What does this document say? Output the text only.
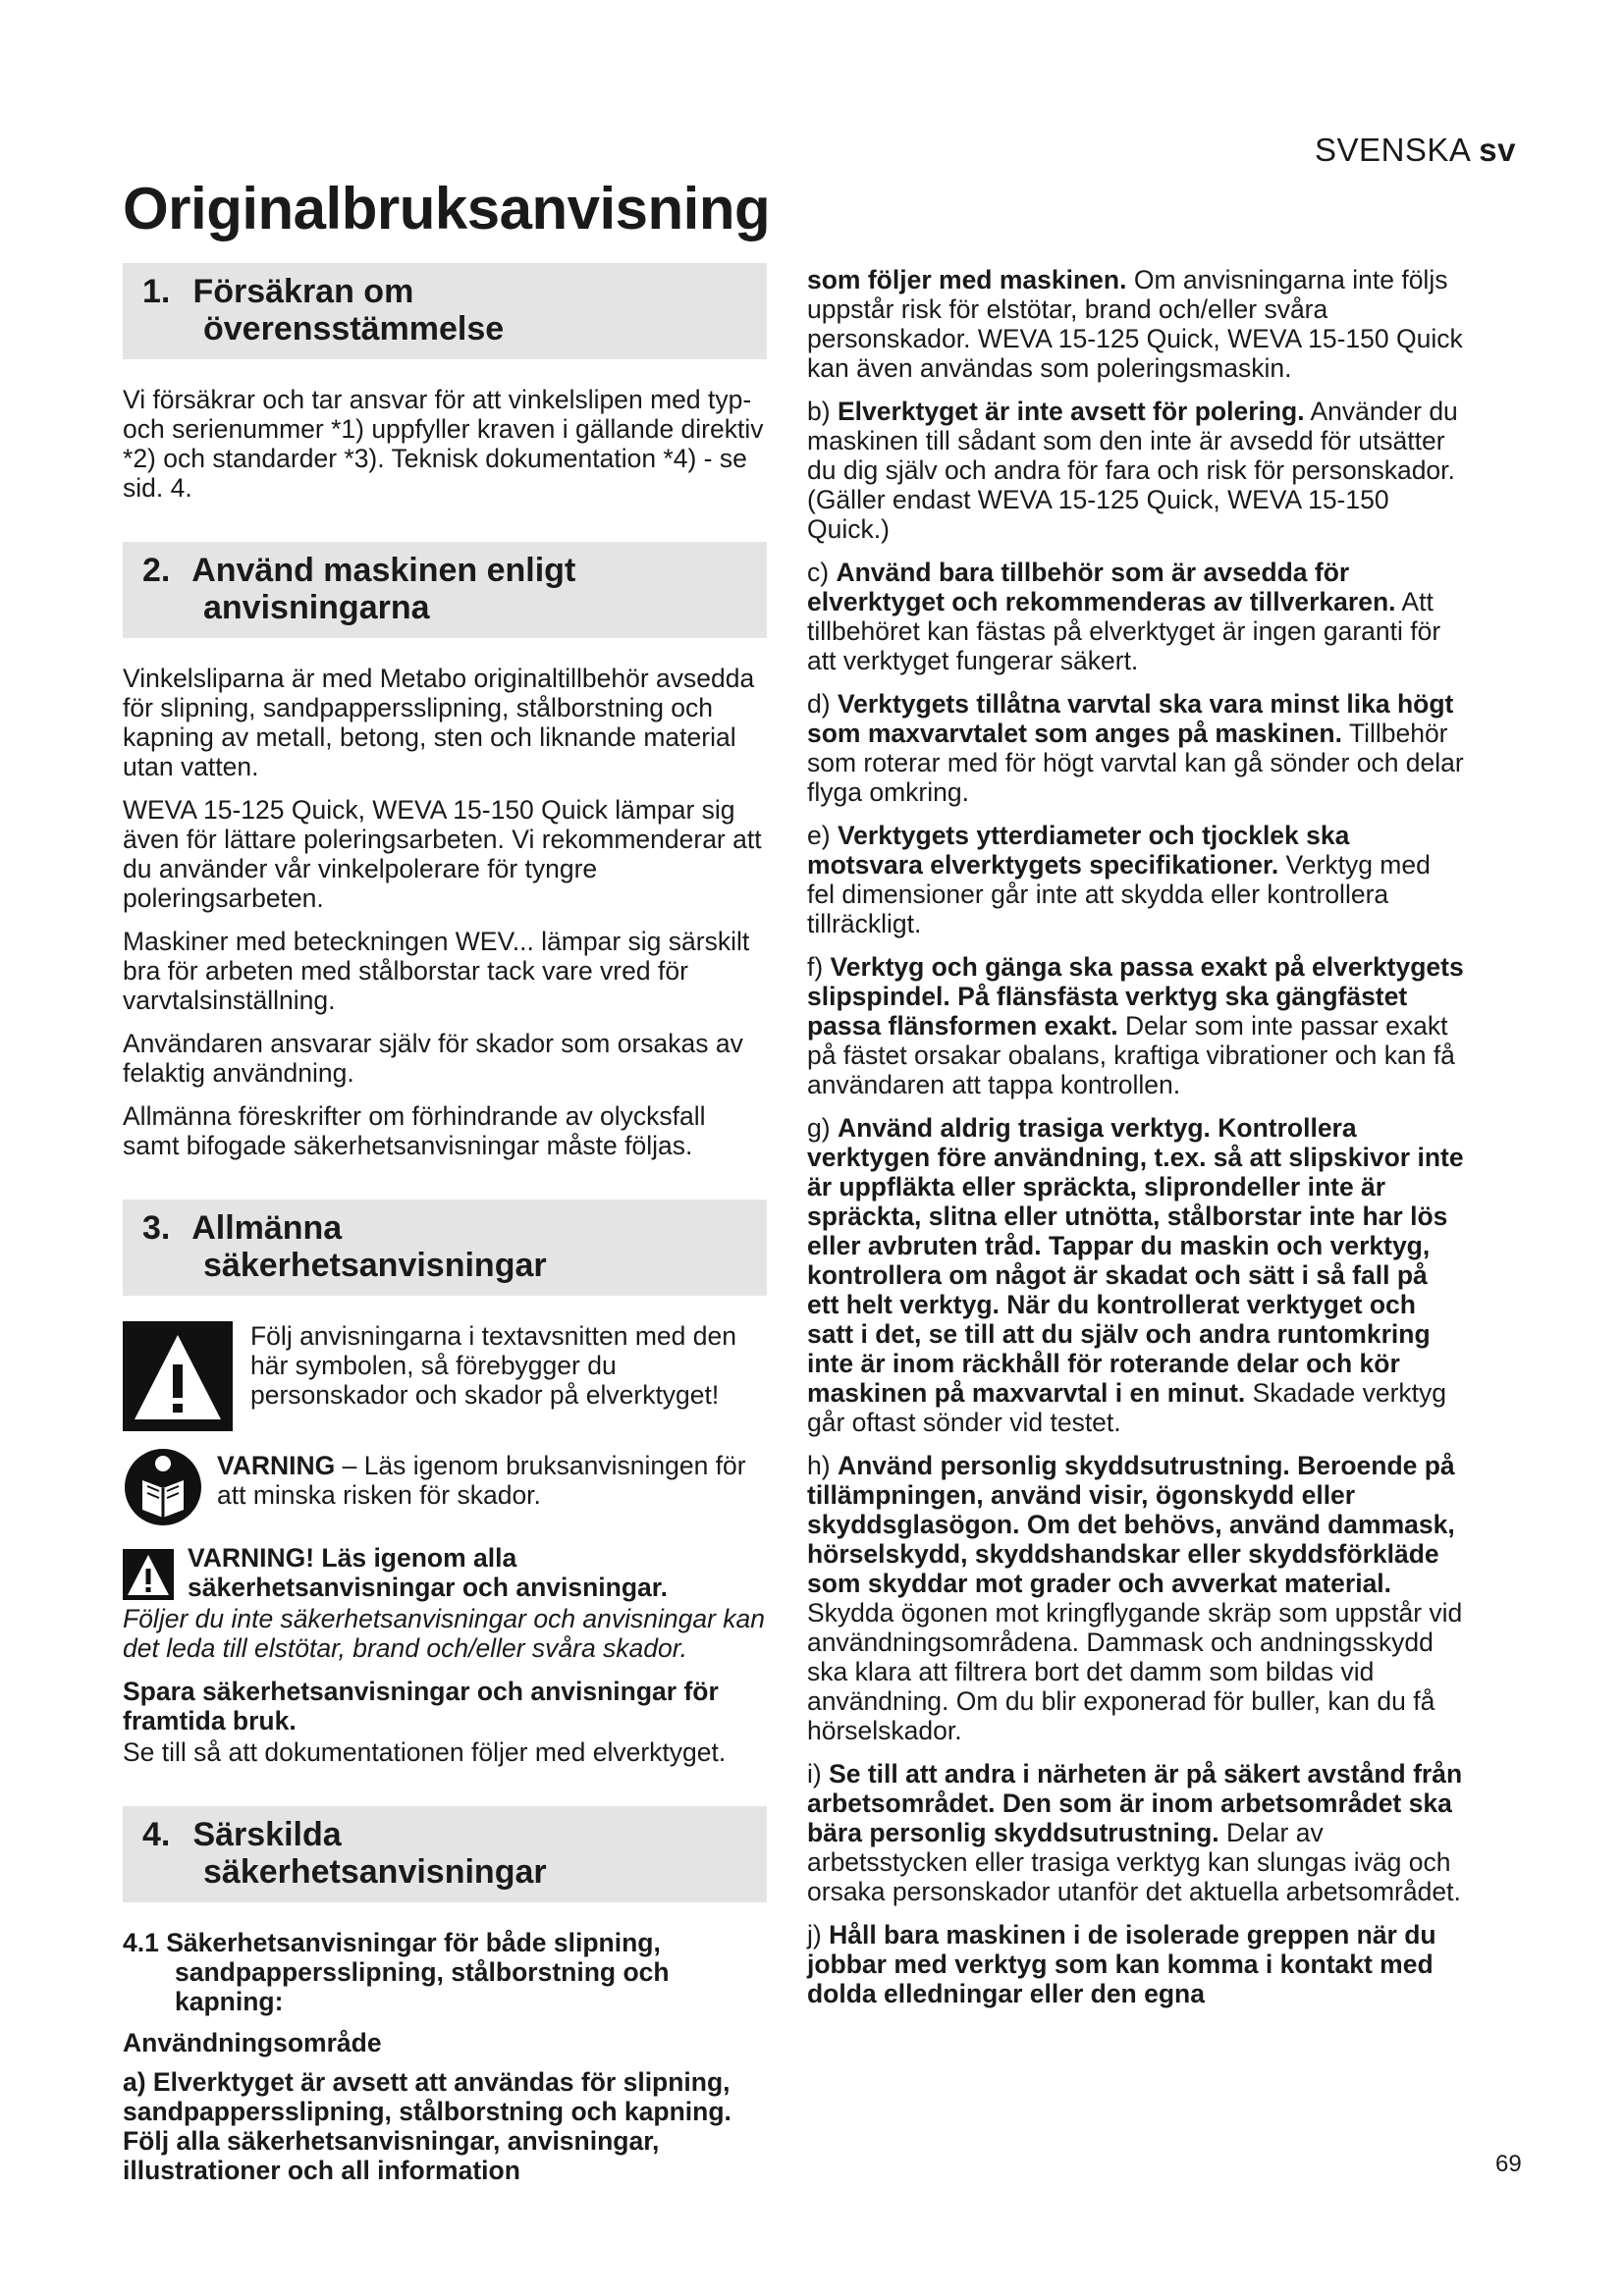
SVENSKA sv
Originalbruksanvisning
1. Försäkran om
överensstämmelse

Vi försäkrar och tar ansvar för att vinkelslipen med typ- och serienummer *1) uppfyller kraven i gällande direktiv *2) och standarder *3). Teknisk dokumentation *4) - se sid. 4.

2. Använd maskinen enligt
anvisningarna

Vinkelsliparna är med Metabo originaltillbehör avsedda för slipning, sandpappersslipning, stålborstning och kapning av metall, betong, sten och liknande material utan vatten.

WEVA 15-125 Quick, WEVA 15-150 Quick lämpar sig även för lättare poleringsarbeten. Vi rekommenderar att du använder vår vinkelpolerare för tyngre poleringsarbeten.

Maskiner med beteckningen WEV... lämpar sig särskilt bra för arbeten med stålborstar tack vare vred för varvtalsinställning.

Användaren ansvarar själv för skador som orsakas av felaktig användning.

Allmänna föreskrifter om förhindrande av olycksfall samt bifogade säkerhetsanvisningar måste följas.

3. Allmänna
säkerhetsanvisningar
Följ anvisningarna i textavsnitten med den här symbolen, så förebygger du personskador och skador på elverktyget!
VARNING – Läs igenom bruksanvisningen för att minska risken för skador.
VARNING! Läs igenom alla säkerhetsanvisningar och anvisningar.

Följer du inte säkerhetsanvisningar och anvisningar kan det leda till elstötar, brand och/eller svåra skador.

Spara säkerhetsanvisningar och anvisningar för framtida bruk.

Se till så att dokumentationen följer med elverktyget.

4. Särskilda
säkerhetsanvisningar
4.1 Säkerhetsanvisningar för både slipning,
sandpappersslipning, stålborstning och
kapning:

Användningsområde

a) Elverktyget är avsett att användas för slipning, sandpappersslipning, stålborstning och kapning. Följ alla säkerhetsanvisningar, anvisningar, illustrationer och all information

som följer med maskinen. Om anvisningarna inte följs uppstår risk för elstötar, brand och/eller svåra personskador. WEVA 15-125 Quick, WEVA 15-150 Quick kan även användas som poleringsmaskin.

b) Elverktyget är inte avsett för polering. Använder du maskinen till sådant som den inte är avsedd för utsätter du dig själv och andra för fara och risk för personskador. (Gäller endast WEVA 15-125 Quick, WEVA 15-150 Quick.)

c) Använd bara tillbehör som är avsedda för elverktyget och rekommenderas av tillverkaren. Att tillbehöret kan fästas på elverktyget är ingen garanti för att verktyget fungerar säkert.

d) Verktygets tillåtna varvtal ska vara minst lika högt som maxvarvtalet som anges på maskinen. Tillbehör som roterar med för högt varvtal kan gå sönder och delar flyga omkring.

e) Verktygets ytterdiameter och tjocklek ska motsvara elverktygets specifikationer. Verktyg med fel dimensioner går inte att skydda eller kontrollera tillräckligt.

f) Verktyg och gänga ska passa exakt på elverktygets slipspindel. På flänsfästa verktyg ska gängfästet passa flänsformen exakt. Delar som inte passar exakt på fästet orsakar obalans, kraftiga vibrationer och kan få användaren att tappa kontrollen.

g) Använd aldrig trasiga verktyg. Kontrollera verktygen före användning, t.ex. så att slipskivor inte är uppfläkta eller spräckta, sliprondeller inte är spräckta, slitna eller utnötta, stålborstar inte har lös eller avbruten tråd. Tappar du maskin och verktyg, kontrollera om något är skadat och sätt i så fall på ett helt verktyg. När du kontrollerat verktyget och satt i det, se till att du själv och andra runtomkring inte är inom räckhåll för roterande delar och kör maskinen på maxvarvtal i en minut. Skadade verktyg går oftast sönder vid testet.

h) Använd personlig skyddsutrustning. Beroende på tillämpningen, använd visir, ögonskydd eller skyddsglasögon. Om det behövs, använd dammask, hörselskydd, skyddshandskar eller skyddsförkläde som skyddar mot grader och avverkat material. Skydda ögonen mot kringflygande skräp som uppstår vid användningsområdena. Dammask och andningsskydd ska klara att filtrera bort det damm som bildas vid användning. Om du blir exponerad för buller, kan du få hörselskador.

i) Se till att andra i närheten är på säkert avstånd från arbetsområdet. Den som är inom arbetsområdet ska bära personlig skyddsutrustning. Delar av arbetsstycken eller trasiga verktyg kan slungas iväg och orsaka personskador utanför det aktuella arbetsområdet.

j) Håll bara maskinen i de isolerade greppen när du jobbar med verktyg som kan komma i kontakt med dolda elledningar eller den egna

69
